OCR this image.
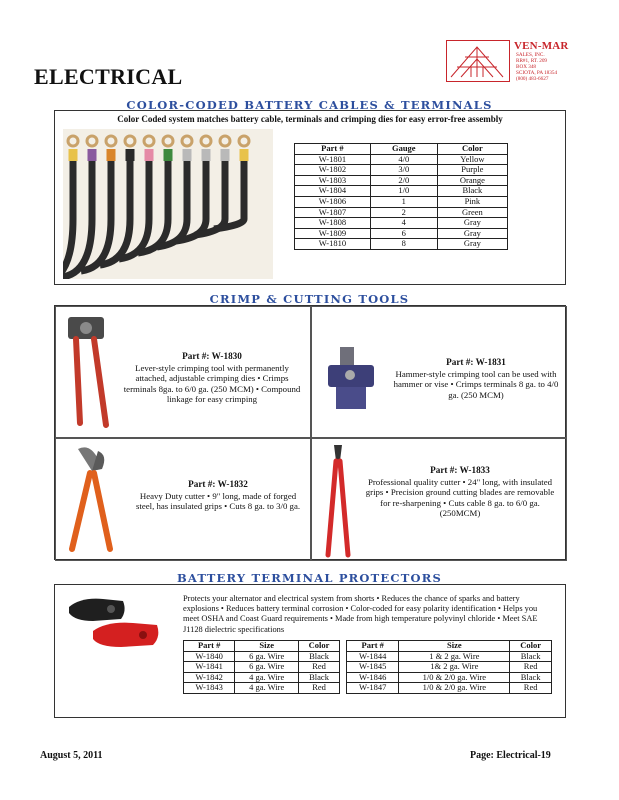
VEN-MAR
SALES, INC.
RR#1, RT. 209
BOX 348
SCIOTA, PA 18354
(800) 483-6627
ELECTRICAL
COLOR-CODED BATTERY CABLES & TERMINALS
Color Coded system matches battery cable, terminals and crimping dies for easy error-free assembly
Part #	Gauge	Color
W-1801	4/0	Yellow
W-1802	3/0	Purple
W-1803	2/0	Orange
W-1804	1/0	Black
W-1806	1	Pink
W-1807	2	Green
W-1808	4	Gray
W-1809	6	Gray
W-1810	8	Gray
CRIMP & CUTTING TOOLS
Part #: W-1830
Lever-style crimping tool with permanently attached, adjustable crimping dies • Crimps terminals 8ga. to 6/0 ga. (250 MCM) • Compound linkage for easy crimping
Part #: W-1831
Hammer-style crimping tool can be used with hammer or vise • Crimps terminals 8 ga. to 4/0 ga. (250 MCM)
Part #: W-1832
Heavy Duty cutter • 9" long, made of forged steel, has insulated grips • Cuts 8 ga. to 3/0 ga.
Part #: W-1833
Professional quality cutter • 24" long, with insulated grips • Precision ground cutting blades are removable for re-sharpening • Cuts cable 8 ga. to 6/0 ga. (250MCM)
BATTERY TERMINAL PROTECTORS
Protects your alternator and electrical system from shorts • Reduces the chance of sparks and battery explosions • Reduces battery terminal corrosion • Color-coded for easy polarity identification • Helps you meet OSHA and Coast Guard requirements • Made from high temperature polyvinyl chloride • Meet SAE J1128 dielectric specifications
Part #	Size	Color
W-1840	6 ga. Wire	Black
W-1841	6 ga. Wire	Red
W-1842	4 ga. Wire	Black
W-1843	4 ga. Wire	Red
Part #	Size	Color
W-1844	1 & 2 ga. Wire	Black
W-1845	1& 2 ga. Wire	Red
W-1846	1/0 & 2/0 ga. Wire	Black
W-1847	1/0 & 2/0 ga. Wire	Red
August 5, 2011	Page: Electrical-19
